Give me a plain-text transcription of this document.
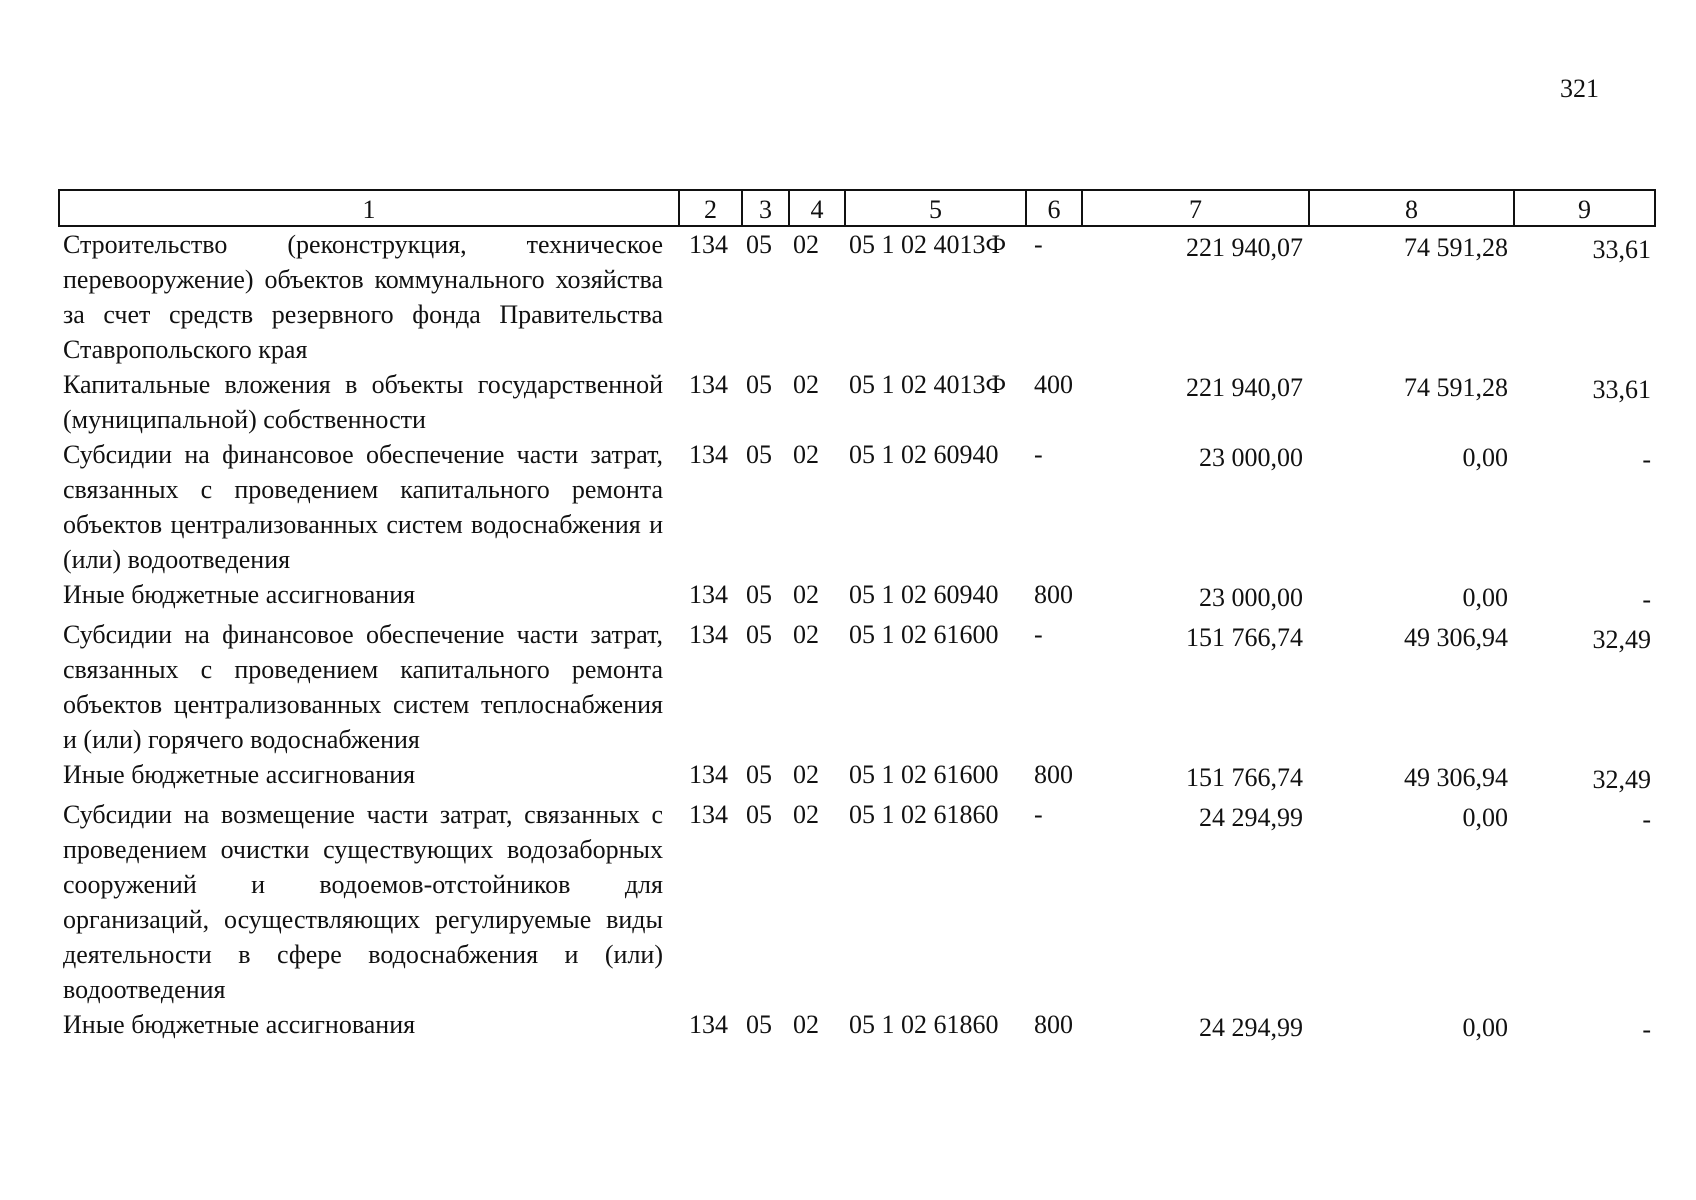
321
1	2	3	4	5	6	7	8	9
Строительство (реконструкция, техническое перевооружение) объектов коммунального хозяйства за счет средств резервного фонда Правительства Ставропольского края	134	05	02	05 1 02 4013Ф	-	221 940,07	74 591,28	33,61
Капитальные вложения в объекты государственной (муниципальной) собственности	134	05	02	05 1 02 4013Ф	400	221 940,07	74 591,28	33,61
Субсидии на финансовое обеспечение части затрат, связанных с проведением капитального ремонта объектов централизованных систем водоснабжения и (или) водоотведения	134	05	02	05 1 02 60940	-	23 000,00	0,00	-
Иные бюджетные ассигнования	134	05	02	05 1 02 60940	800	23 000,00	0,00	-
Субсидии на финансовое обеспечение части затрат, связанных с проведением капитального ремонта объектов централизованных систем теплоснабжения и (или) горячего водоснабжения	134	05	02	05 1 02 61600	-	151 766,74	49 306,94	32,49
Иные бюджетные ассигнования	134	05	02	05 1 02 61600	800	151 766,74	49 306,94	32,49
Субсидии на возмещение части затрат, связанных с проведением очистки существующих водозаборных сооружений и водоемов-отстойников для организаций, осуществляющих регулируемые виды деятельности в сфере водоснабжения и (или) водоотведения	134	05	02	05 1 02 61860	-	24 294,99	0,00	-
Иные бюджетные ассигнования	134	05	02	05 1 02 61860	800	24 294,99	0,00	-
